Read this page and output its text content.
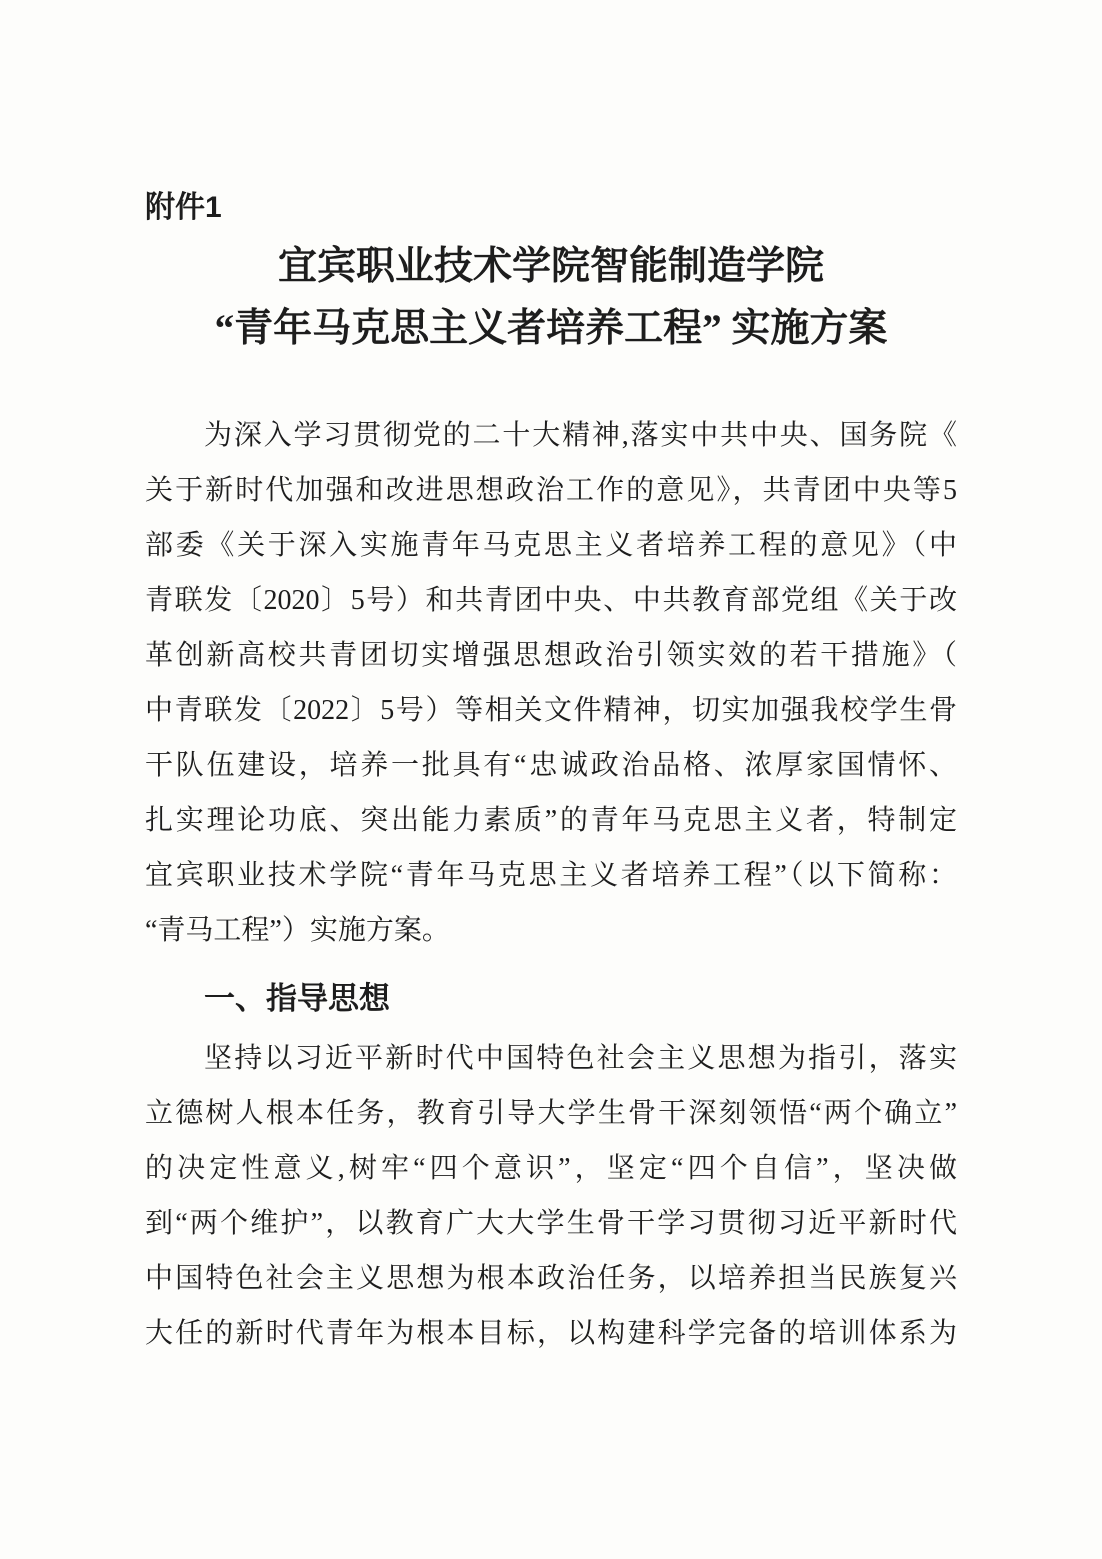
附件1
宜宾职业技术学院智能制造学院
“青年马克思主义者培养工程” 实施方案

为深入学习贯彻党的二十大精神,落实中共中央、国务院《

关于新时代加强和改进思想政治工作的意见》，共青团中央等5

部委《关于深入实施青年马克思主义者培养工程的意见》（中

青联发〔2020〕5号）和共青团中央、中共教育部党组《关于改

革创新高校共青团切实增强思想政治引领实效的若干措施》（

中青联发〔2022〕5号）等相关文件精神，切实加强我校学生骨

干队伍建设，培养一批具有“忠诚政治品格、浓厚家国情怀、

扎实理论功底、突出能力素质”的青年马克思主义者，特制定

宜宾职业技术学院“青年马克思主义者培养工程”（以下简称：

“青马工程”）实施方案。

一、指导思想

坚持以习近平新时代中国特色社会主义思想为指引，落实

立德树人根本任务，教育引导大学生骨干深刻领悟“两个确立”

的决定性意义,树牢“四个意识”，坚定“四个自信”，坚决做

到“两个维护”，以教育广大大学生骨干学习贯彻习近平新时代

中国特色社会主义思想为根本政治任务，以培养担当民族复兴

大任的新时代青年为根本目标，以构建科学完备的培训体系为
